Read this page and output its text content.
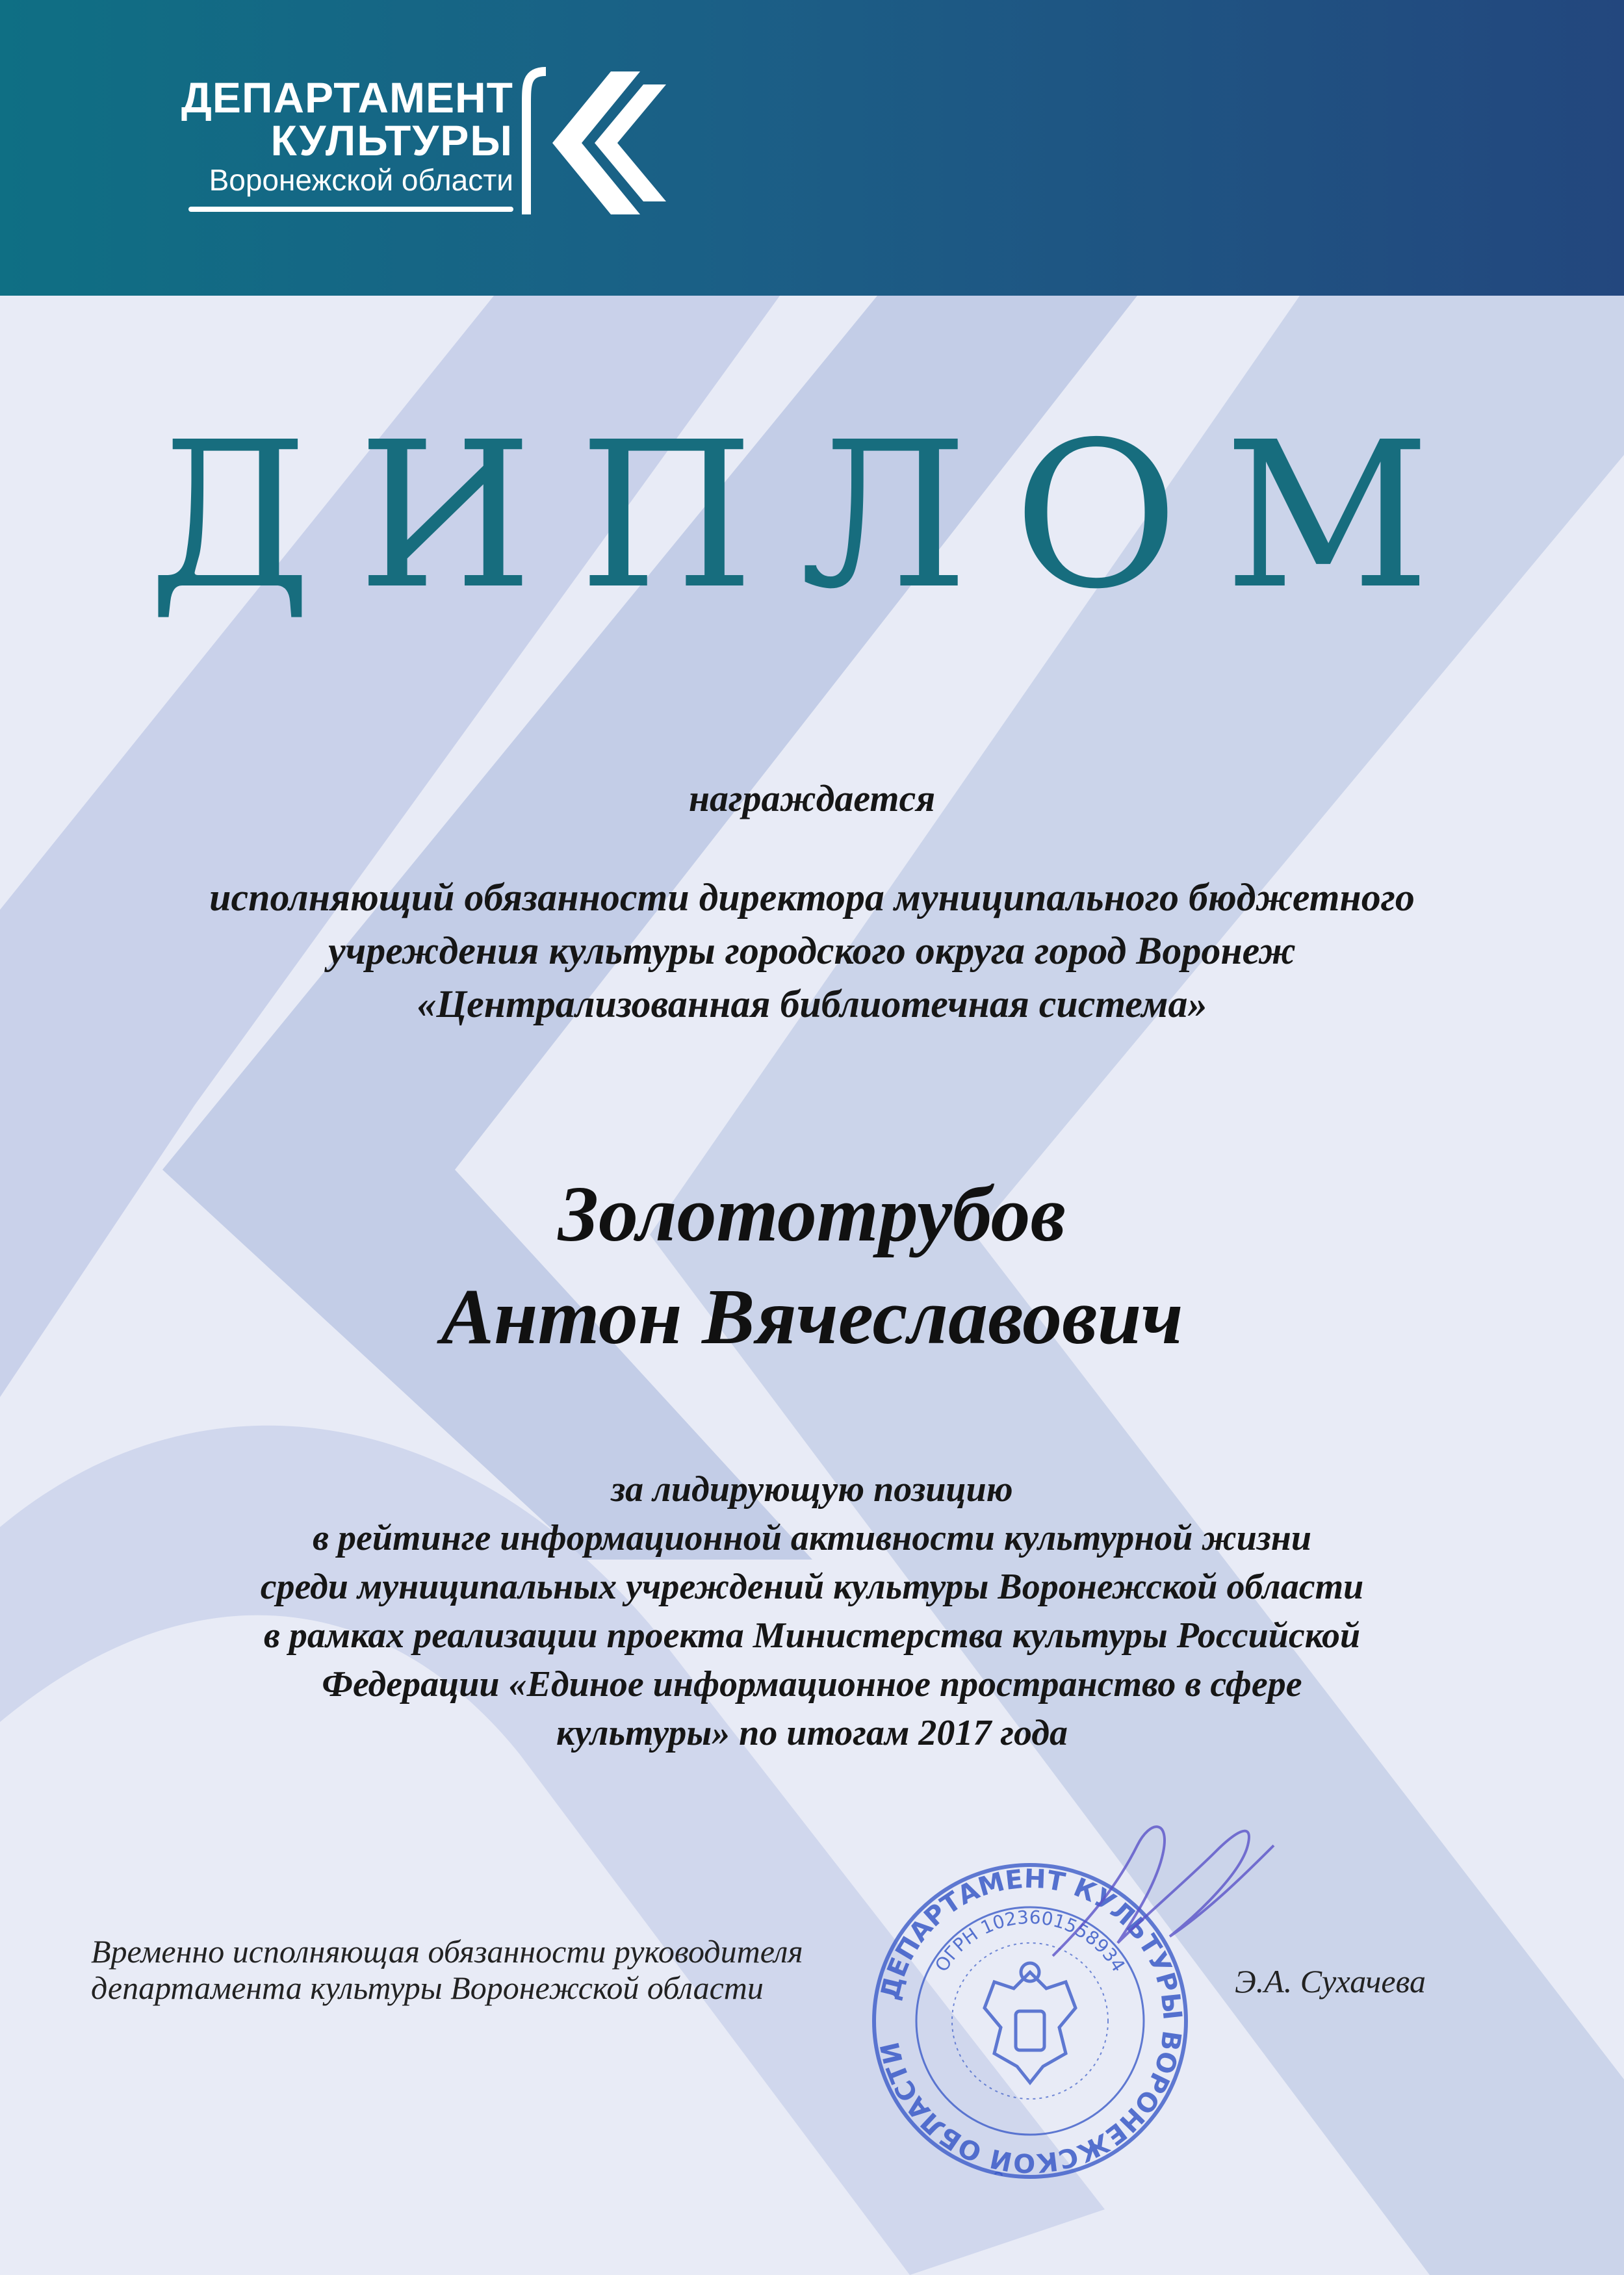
ДЕПАРТАМЕНТ
КУЛЬТУРЫ
Воронежской области
ДИПЛОМ
награждается

исполняющий обязанности директора муниципального бюджетного

учреждения культуры городского округа город Воронеж

«Централизованная библиотечная система»

Золототрубов
Антон Вячеславович

за лидирующую позицию

в рейтинге информационной активности культурной жизни

среди муниципальных учреждений культуры Воронежской области

в рамках реализации проекта Министерства культуры Российской

Федерации «Единое информационное пространство в сфере

культуры» по итогам 2017 года

Временно исполняющая обязанности руководителя
департамента культуры Воронежской области	Э.А. Сухачева
ДЕПАРТАМЕНТ КУЛЬТУРЫ ВОРОНЕЖСКОЙ ОБЛАСТИ
ОГРН 1023601558934
